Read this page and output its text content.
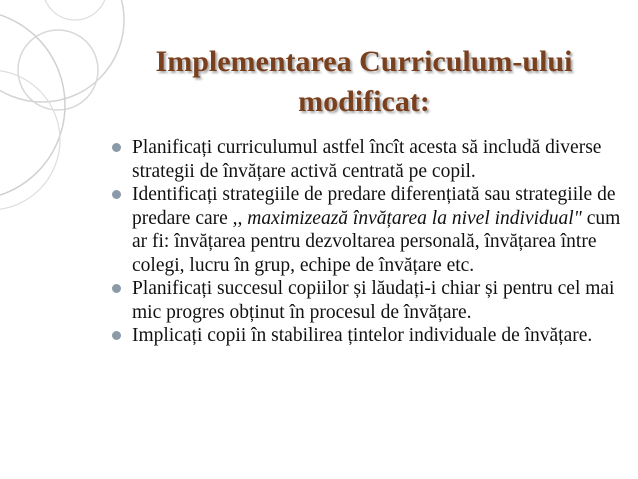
Implementarea Curriculum-ului
modificat:
Planificați curriculumul astfel încît acesta să includă diverse strategii de învățare activă centrată pe copil.
Identificați strategiile de predare diferențiată sau strategiile de predare care ,, maximizează învățarea la nivel individual" cum ar fi: învățarea pentru dezvoltarea personală, învățarea între colegi, lucru în grup, echipe de învățare etc.
Planificați succesul copiilor și lăudați-i chiar și pentru cel mai mic progres obținut în procesul de învățare.
Implicați copii în stabilirea țintelor individuale de învățare.
